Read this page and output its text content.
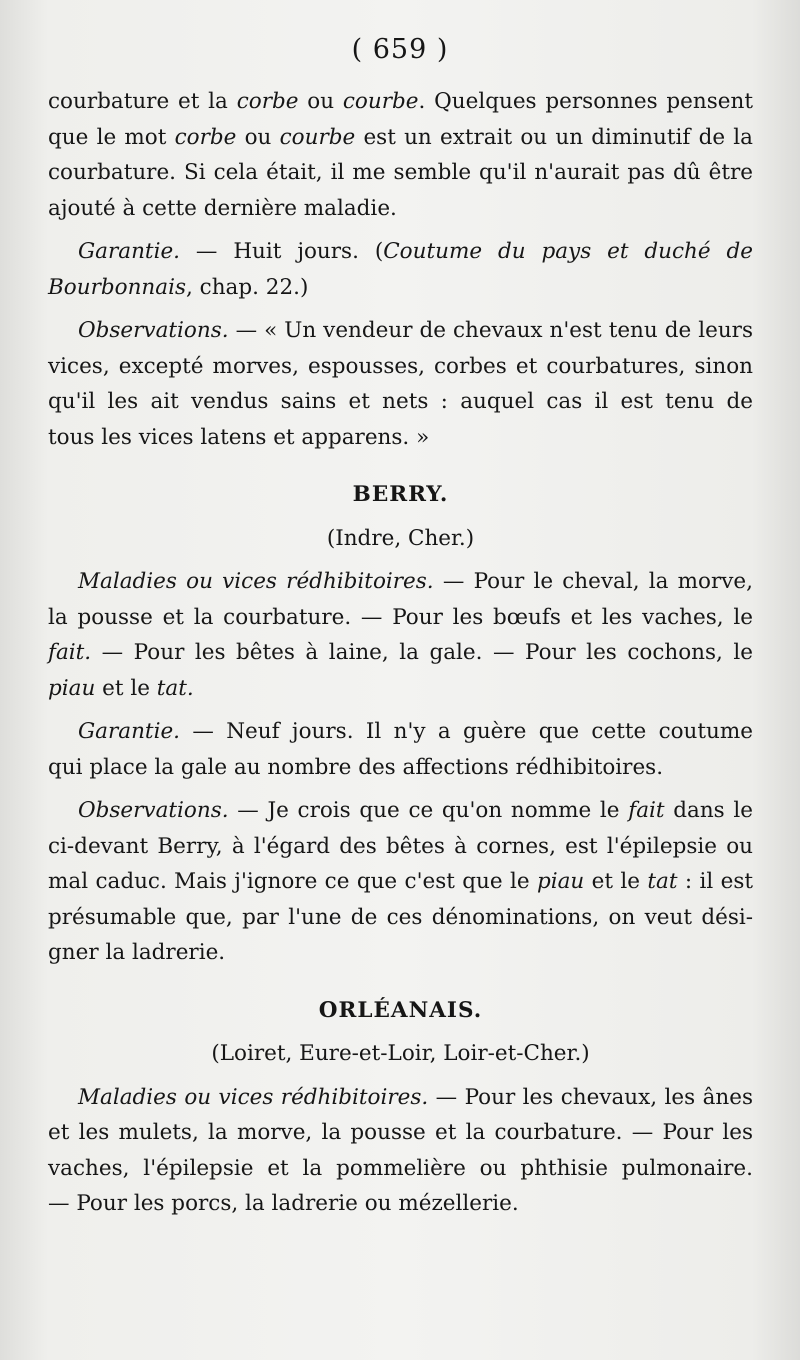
( 659 )

courbature et la corbe ou courbe. Quelques personnes pensent
que le mot corbe ou courbe est un extrait ou un diminutif de la
courbature. Si cela était, il me semble qu'il n'aurait pas dû être
ajouté à cette dernière maladie.

Garantie. — Huit jours. (Coutume du pays et duché de
Bourbonnais, chap. 22.)

Observations. — « Un vendeur de chevaux n'est tenu de leurs
vices, excepté morves, espousses, corbes et courbatures, sinon
qu'il les ait vendus sains et nets : auquel cas il est tenu de
tous les vices latens et apparens. »

BERRY.

(Indre, Cher.)

Maladies ou vices rédhibitoires. — Pour le cheval, la morve,
la pousse et la courbature. — Pour les bœufs et les vaches, le
fait. — Pour les bêtes à laine, la gale. — Pour les cochons, le
piau et le tat.

Garantie. — Neuf jours. Il n'y a guère que cette coutume
qui place la gale au nombre des affections rédhibitoires.

Observations. — Je crois que ce qu'on nomme le fait dans le
ci-devant Berry, à l'égard des bêtes à cornes, est l'épilepsie ou
mal caduc. Mais j'ignore ce que c'est que le piau et le tat : il est
présumable que, par l'une de ces dénominations, on veut dési-
gner la ladrerie.

ORLÉANAIS.

(Loiret, Eure-et-Loir, Loir-et-Cher.)

Maladies ou vices rédhibitoires. — Pour les chevaux, les ânes
et les mulets, la morve, la pousse et la courbature. — Pour les
vaches, l'épilepsie et la pommelière ou phthisie pulmonaire.
— Pour les porcs, la ladrerie ou mézellerie.
